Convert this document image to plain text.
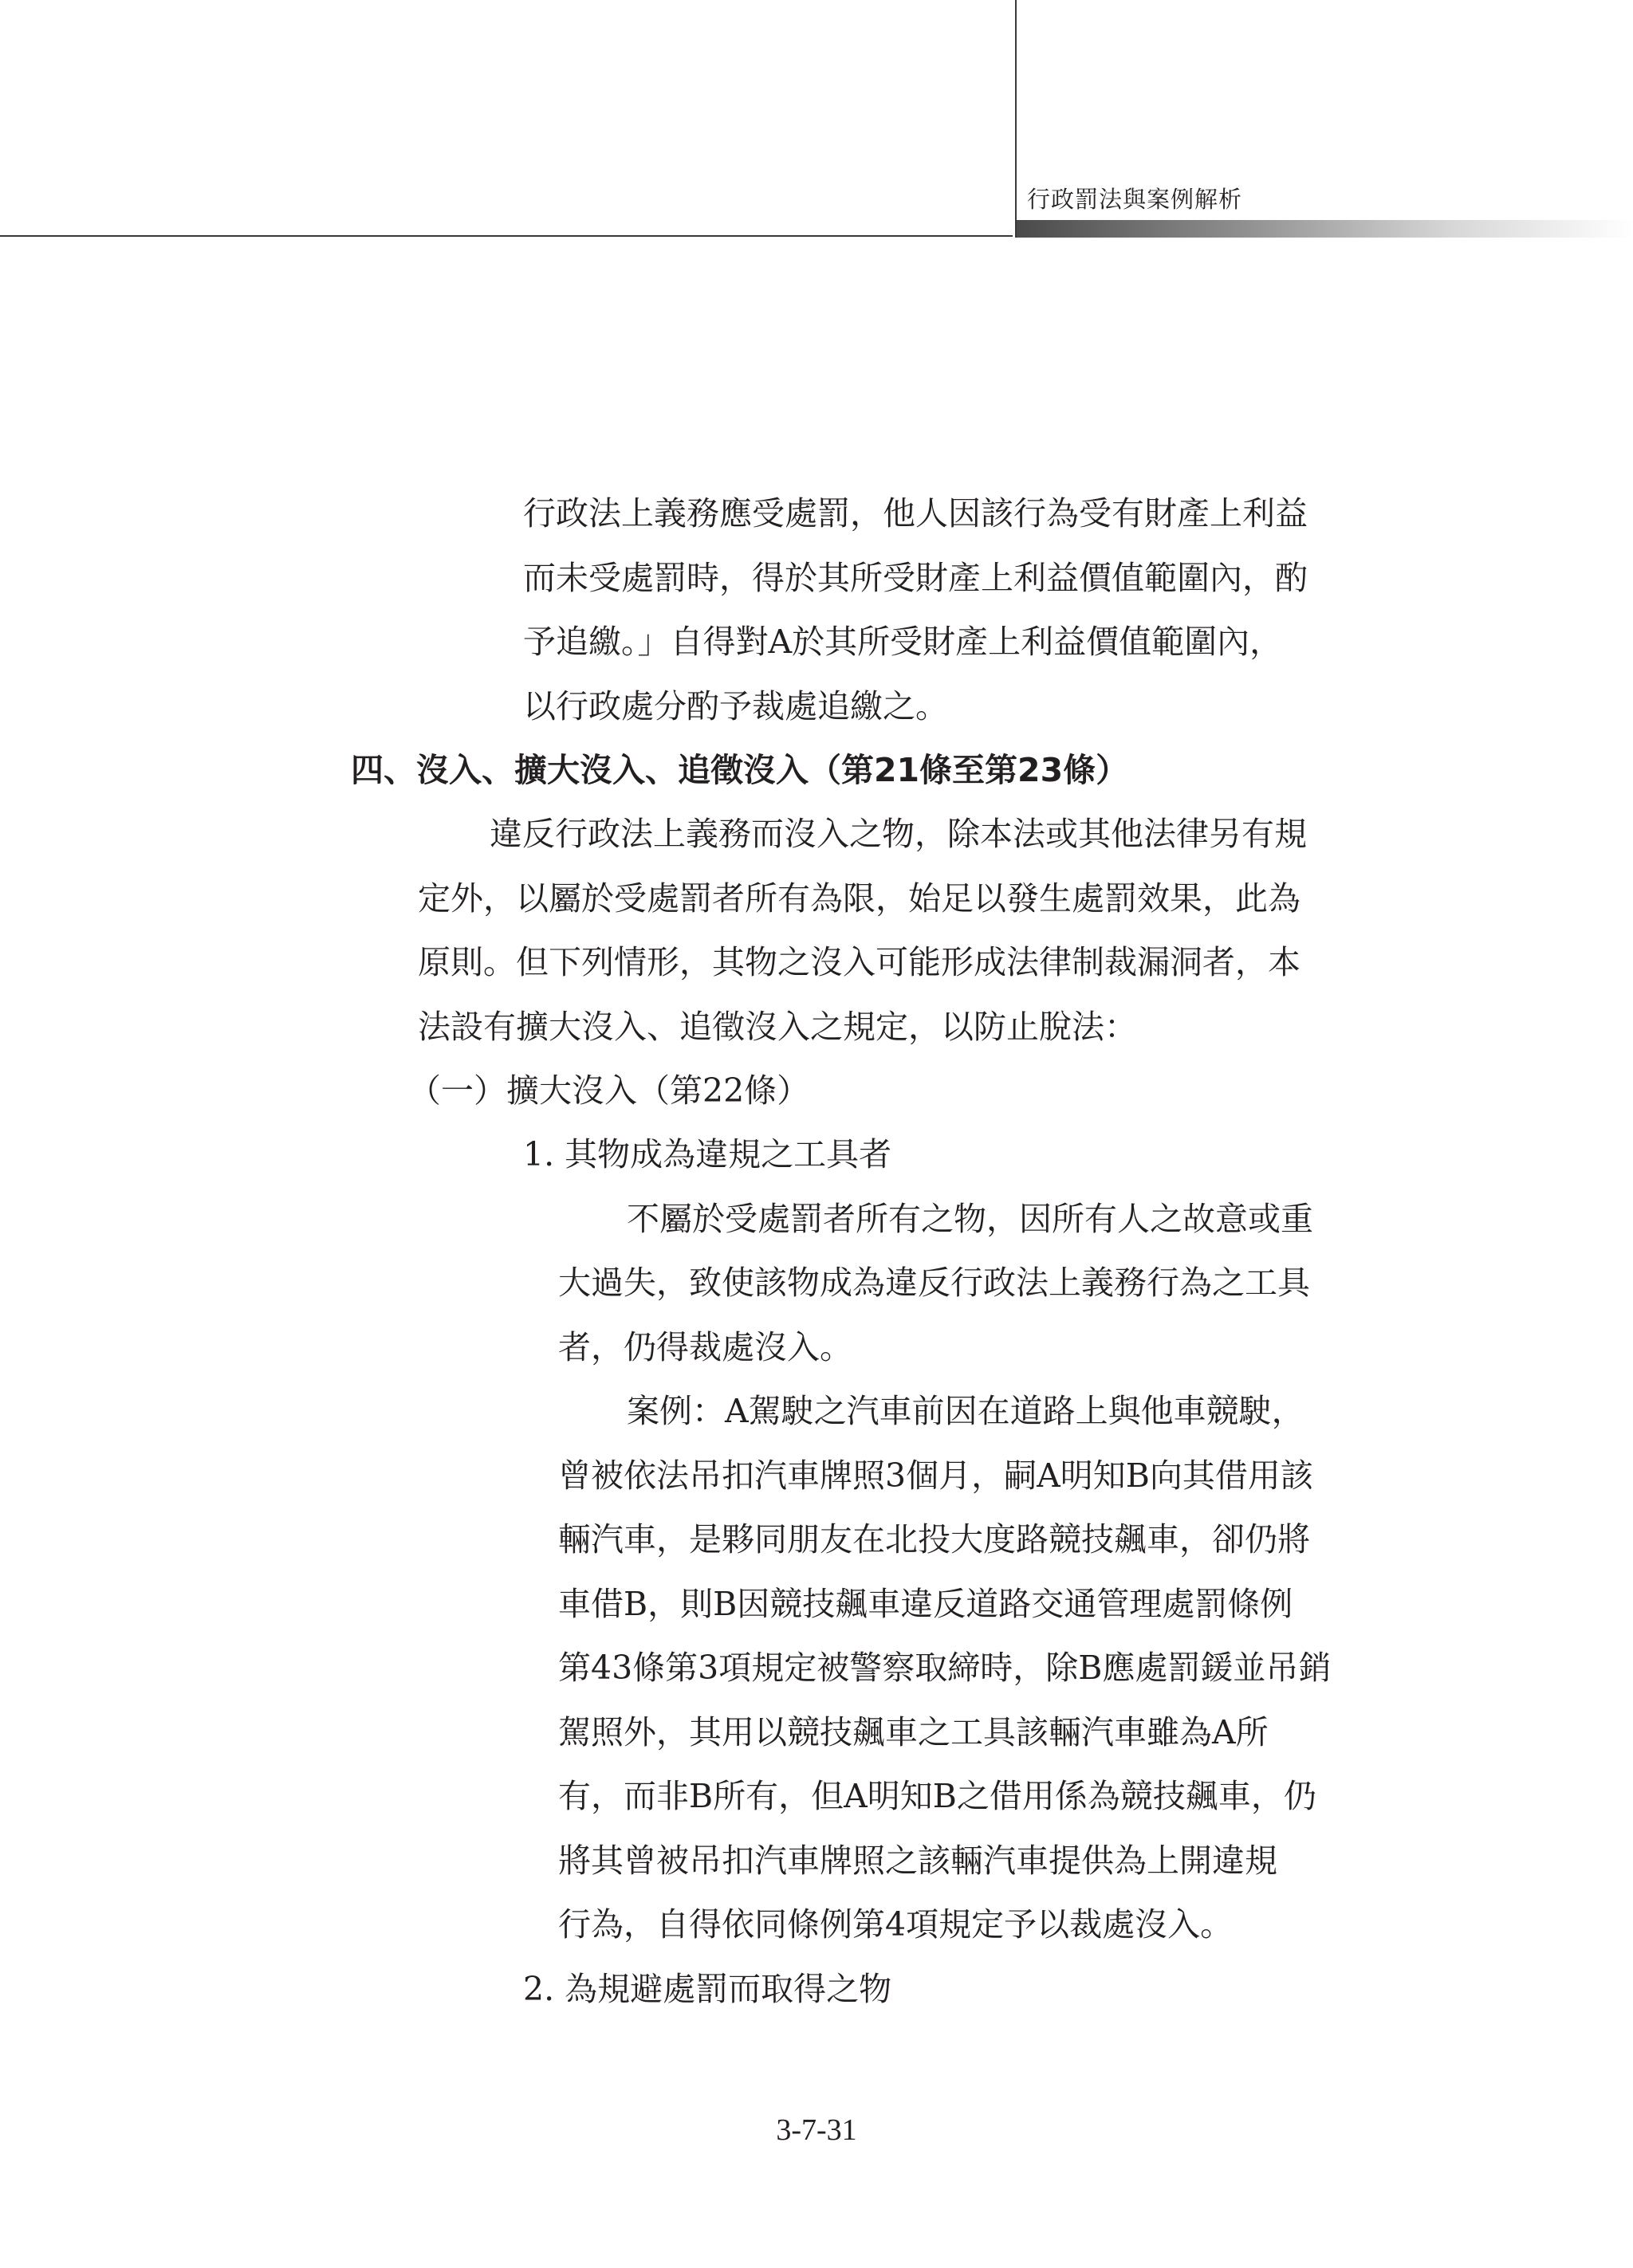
行政罰法與案例解析
行政法上義務應受處罰，他人因該行為受有財產上利益
而未受處罰時，得於其所受財產上利益價值範圍內，酌
予追繳。」自得對A於其所受財產上利益價值範圍內，
以行政處分酌予裁處追繳之。
四、沒入、擴大沒入、追徵沒入（第21條至第23條）
違反行政法上義務而沒入之物，除本法或其他法律另有規
定外，以屬於受處罰者所有為限，始足以發生處罰效果，此為
原則。但下列情形，其物之沒入可能形成法律制裁漏洞者，本
法設有擴大沒入、追徵沒入之規定，以防止脫法：
（一）擴大沒入（第22條）
1. 其物成為違規之工具者
不屬於受處罰者所有之物，因所有人之故意或重
大過失，致使該物成為違反行政法上義務行為之工具
者，仍得裁處沒入。
案例：A駕駛之汽車前因在道路上與他車競駛，
曾被依法吊扣汽車牌照3個月，嗣A明知B向其借用該
輛汽車，是夥同朋友在北投大度路競技飆車，卻仍將
車借B，則B因競技飆車違反道路交通管理處罰條例
第43條第3項規定被警察取締時，除B應處罰鍰並吊銷
駕照外，其用以競技飆車之工具該輛汽車雖為A所
有，而非B所有，但A明知B之借用係為競技飆車，仍
將其曾被吊扣汽車牌照之該輛汽車提供為上開違規
行為，自得依同條例第4項規定予以裁處沒入。
2. 為規避處罰而取得之物
3-7-31
